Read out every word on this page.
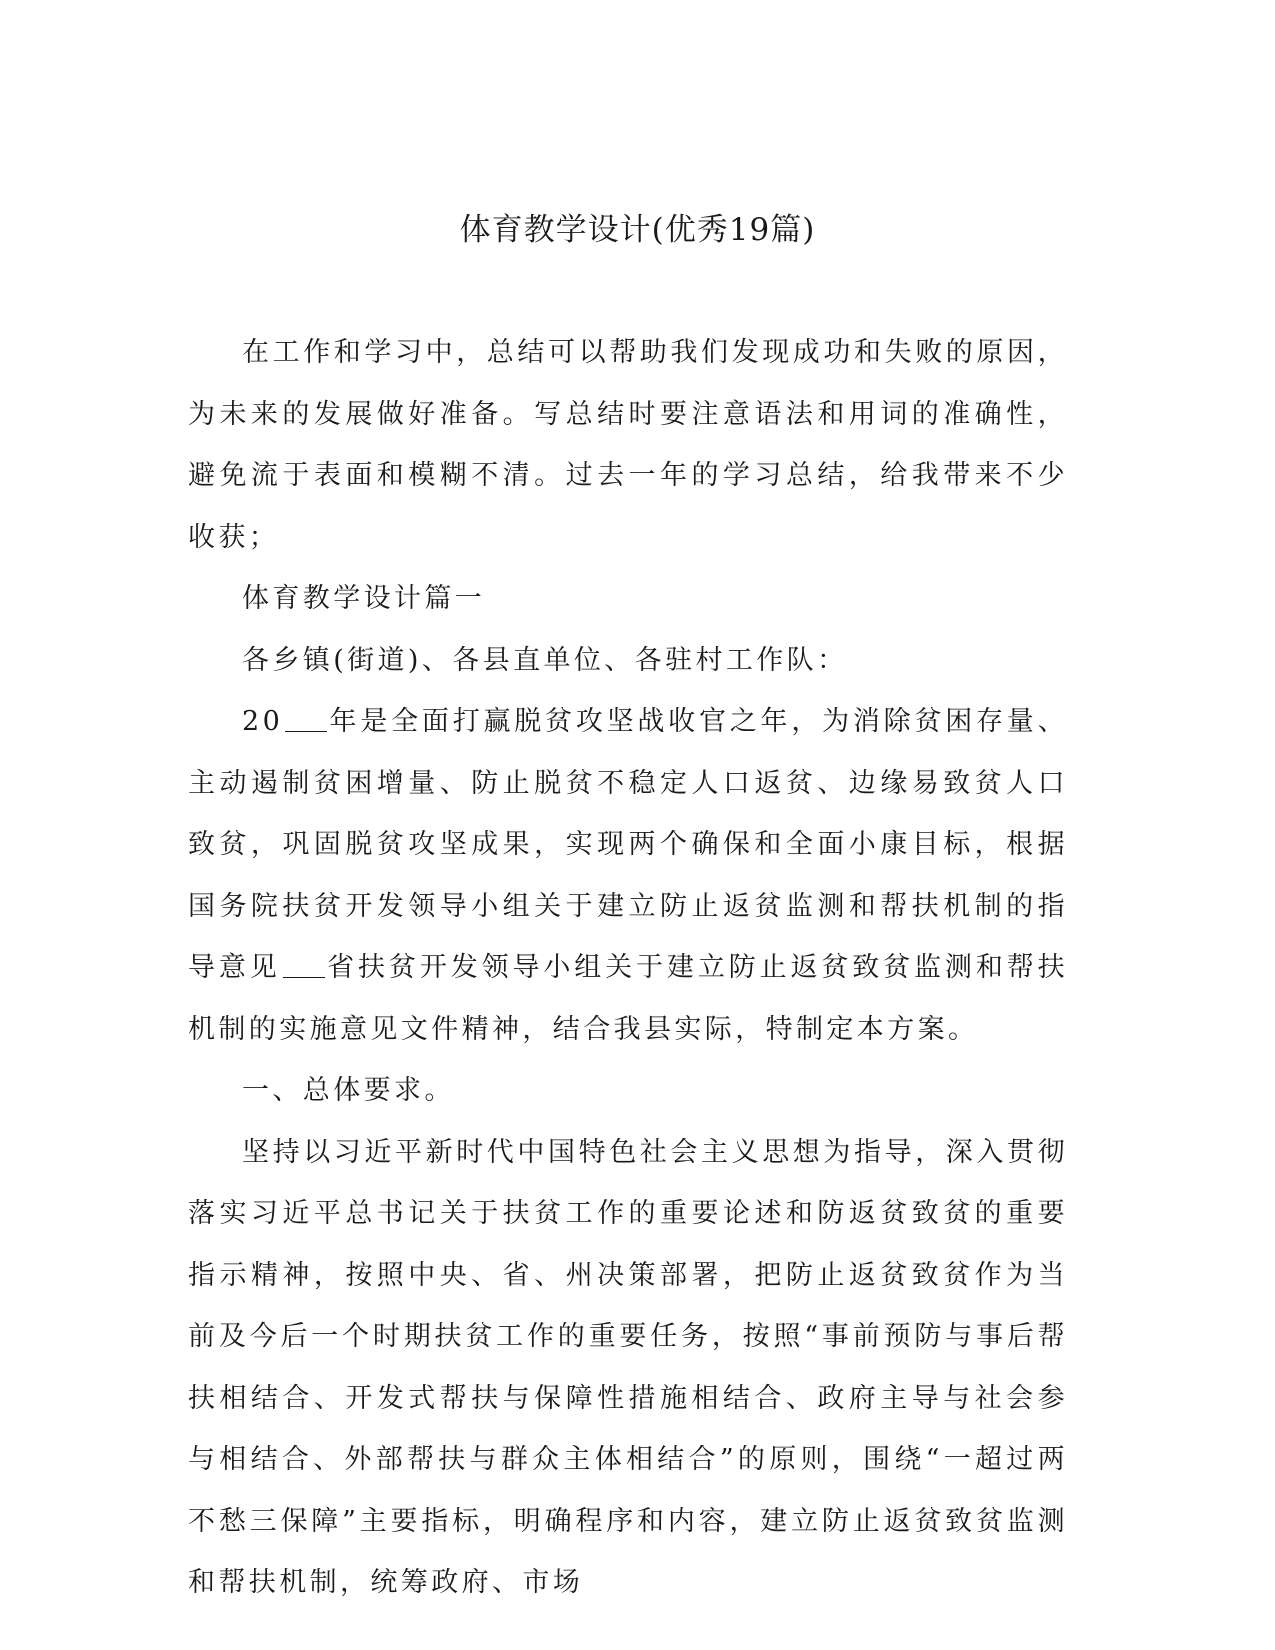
体育教学设计(优秀19篇)

在工作和学习中，总结可以帮助我们发现成功和失败的原因，为未来的发展做好准备。写总结时要注意语法和用词的准确性，避免流于表面和模糊不清。过去一年的学习总结，给我带来不少收获；

体育教学设计篇一

各乡镇(街道)、各县直单位、各驻村工作队：

20 年是全面打赢脱贫攻坚战收官之年，为消除贫困存量、主动遏制贫困增量、防止脱贫不稳定人口返贫、边缘易致贫人口致贫，巩固脱贫攻坚成果，实现两个确保和全面小康目标，根据国务院扶贫开发领导小组关于建立防止返贫监测和帮扶机制的指导意见 省扶贫开发领导小组关于建立防止返贫致贫监测和帮扶机制的实施意见文件精神，结合我县实际，特制定本方案。

一、总体要求。

坚持以习近平新时代中国特色社会主义思想为指导，深入贯彻落实习近平总书记关于扶贫工作的重要论述和防返贫致贫的重要指示精神，按照中央、省、州决策部署，把防止返贫致贫作为当前及今后一个时期扶贫工作的重要任务，按照“事前预防与事后帮扶相结合、开发式帮扶与保障性措施相结合、政府主导与社会参与相结合、外部帮扶与群众主体相结合”的原则，围绕“一超过两不愁三保障”主要指标，明确程序和内容，建立防止返贫致贫监测和帮扶机制，统筹政府、市场
